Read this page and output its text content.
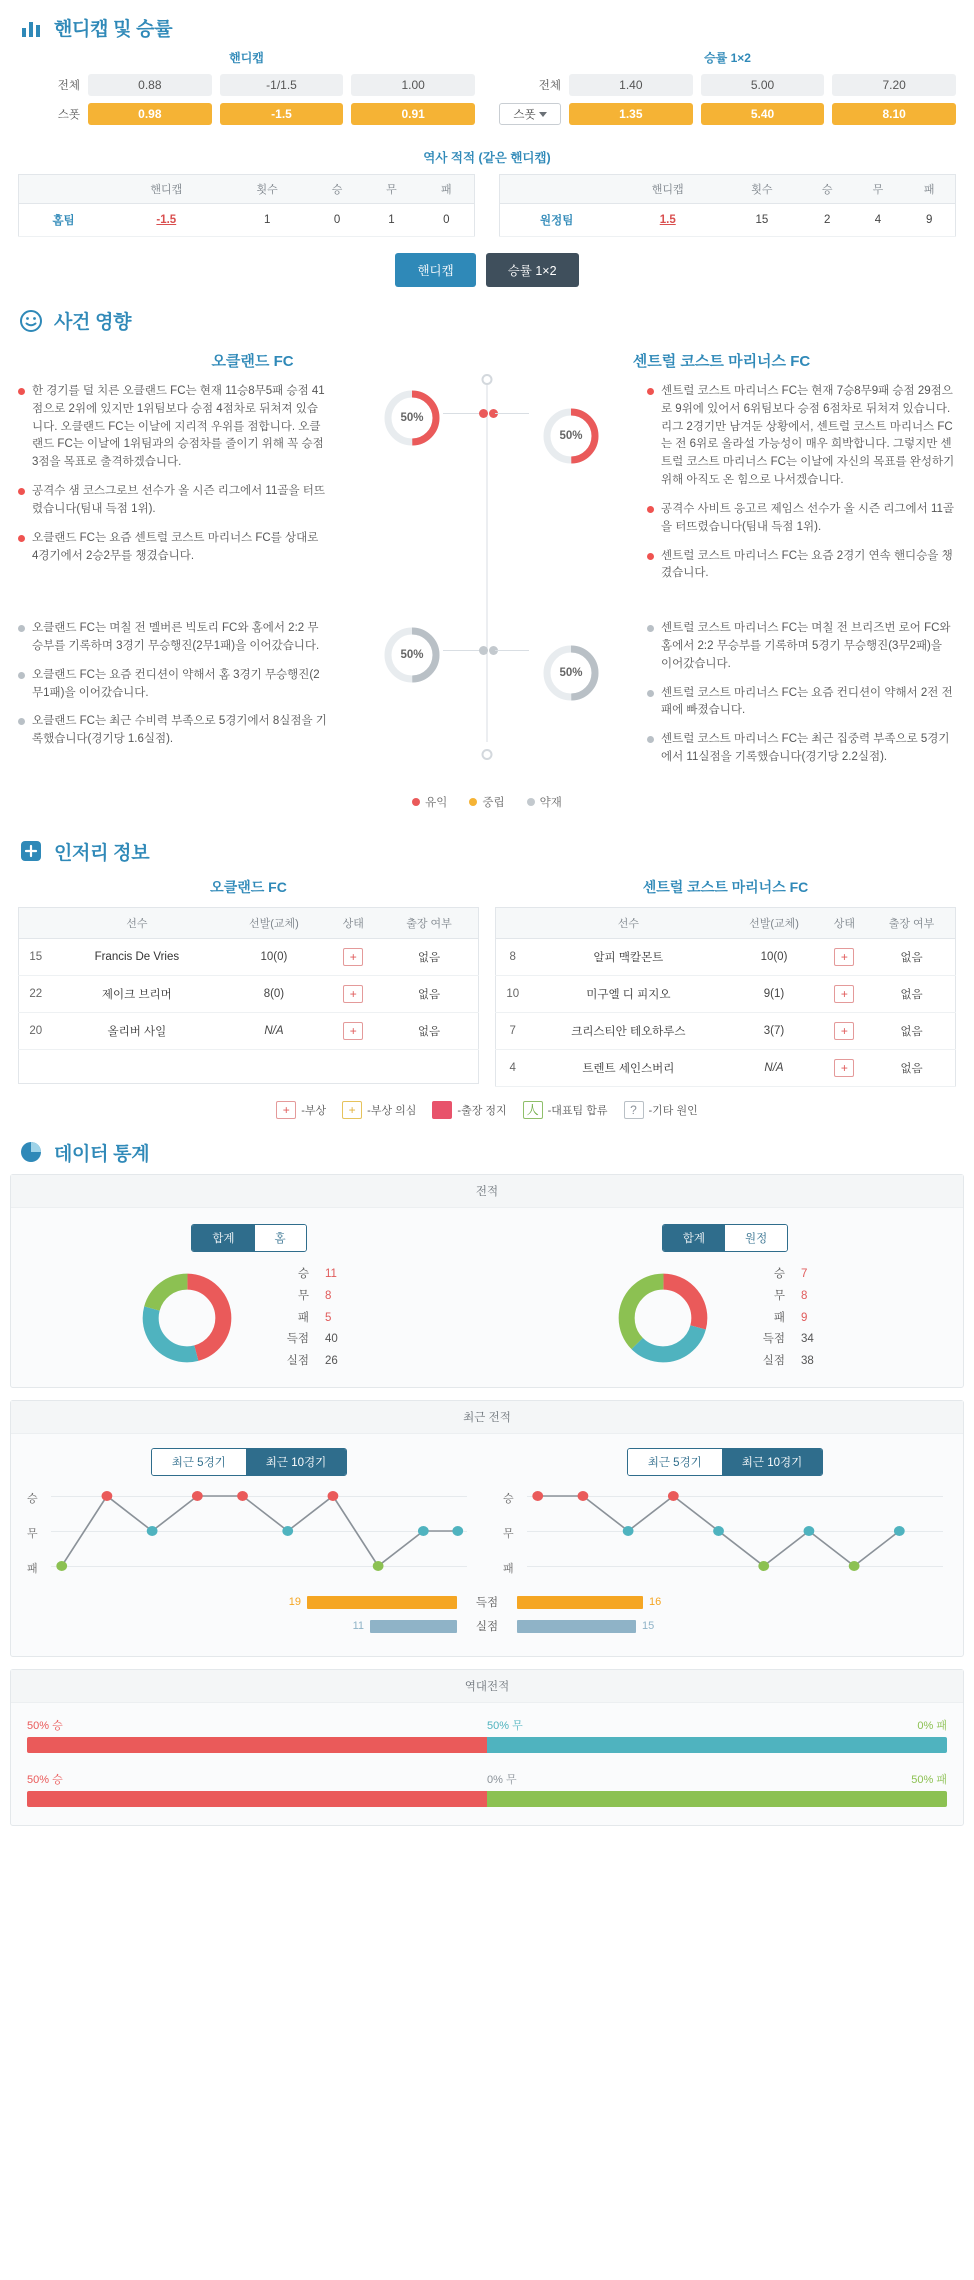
핸디캡 및 승률
핸디캡
전체	0.88	-1/1.5	1.00
스폿	0.98	-1.5	0.91
승률 1×2
전체	1.40	5.00	7.20
스폿	1.35	5.40	8.10
역사 적적 (같은 핸디캡)
	핸디캡	횟수	승	무	패
홈팀	-1.5	1	0	1	0
	핸디캡	횟수	승	무	패
원정팀	1.5	15	2	4	9
핸디캡	승률 1×2
사건 영향
오클랜드 FC	센트럴 코스트 마리너스 FC
한 경기를 덜 치른 오클랜드 FC는 현재 11승8무5패 승점 41점으로 2위에 있지만 1위팀보다 승점 4점차로 뒤쳐져 있습니다. 오클랜드 FC는 이날에 지리적 우위를 점합니다. 오클랜드 FC는 이날에 1위팀과의 승점차를 줄이기 위해 꼭 승점 3점을 목표로 출격하겠습니다.
공격수 샘 코스그로브 선수가 올 시즌 리그에서 11골을 터뜨렸습니다(팀내 득점 1위).
오클랜드 FC는 요즘 센트럴 코스트 마리너스 FC를 상대로 4경기에서 2승2무를 챙겼습니다.
50%
50%
센트럴 코스트 마리너스 FC는 현재 7승8무9패 승점 29점으로 9위에 있어서 6위팀보다 승점 6점차로 뒤쳐져 있습니다. 리그 2경기만 남겨둔 상황에서, 센트럴 코스트 마리너스 FC는 전 6위로 올라설 가능성이 매우 희박합니다. 그렇지만 센트럴 코스트 마리너스 FC는 이날에 자신의 목표를 완성하기 위해 아직도 온 힘으로 나서겠습니다.
공격수 사비트 응고르 제임스 선수가 올 시즌 리그에서 11골을 터뜨렸습니다(팀내 득점 1위).
센트럴 코스트 마리너스 FC는 요즘 2경기 연속 핸디승을 챙겼습니다.
오클랜드 FC는 며칠 전 멜버른 빅토리 FC와 홈에서 2:2 무승부를 기록하며 3경기 무승행진(2무1패)을 이어갔습니다.
오클랜드 FC는 요즘 컨디션이 약해서 홈 3경기 무승행진(2무1패)을 이어갔습니다.
오클랜드 FC는 최근 수비력 부족으로 5경기에서 8실점을 기록했습니다(경기당 1.6실점).
50%
50%
센트럴 코스트 마리너스 FC는 며칠 전 브리즈번 로어 FC와 홈에서 2:2 무승부를 기록하며 5경기 무승행진(3무2패)을 이어갔습니다.
센트럴 코스트 마리너스 FC는 요즘 컨디션이 약해서 2전 전패에 빠졌습니다.
센트럴 코스트 마리너스 FC는 최근 집중력 부족으로 5경기에서 11실점을 기록했습니다(경기당 2.2실점).
유익	중립	약재
인저리 정보
오클랜드 FC
	선수	선발(교체)	상태	출장 여부
15	Francis De Vries	10(0)	+	없음
22	제이크 브리머	8(0)	+	없음
20	올리버 사일	N/A	+	없음

센트럴 코스트 마리너스 FC
	선수	선발(교체)	상태	출장 여부
8	알피 맥칼몬트	10(0)	+	없음
10	미구엘 디 피지오	9(1)	+	없음
7	크리스티안 테오하루스	3(7)	+	없음
4	트렌트 세인스버리	N/A	+	없음
+	-부상	+	-부상 의심	-출장 정지	人 -대표팀 합류	?	-기타 원인
데이터 통계
전적
합계	홈
승 11
무 8
패 5
득점 40
실점 26
합계	원정
승 7
무 8
패 9
득점 34
실점 38
최근 전적
최근 5경기	최근 10경기
승
무
패
최근 5경기	최근 10경기
승
무
패
19	득점	16
11	실점	15
역대전적
50% 승	50% 무	0% 패
50% 승	0% 무	50% 패
